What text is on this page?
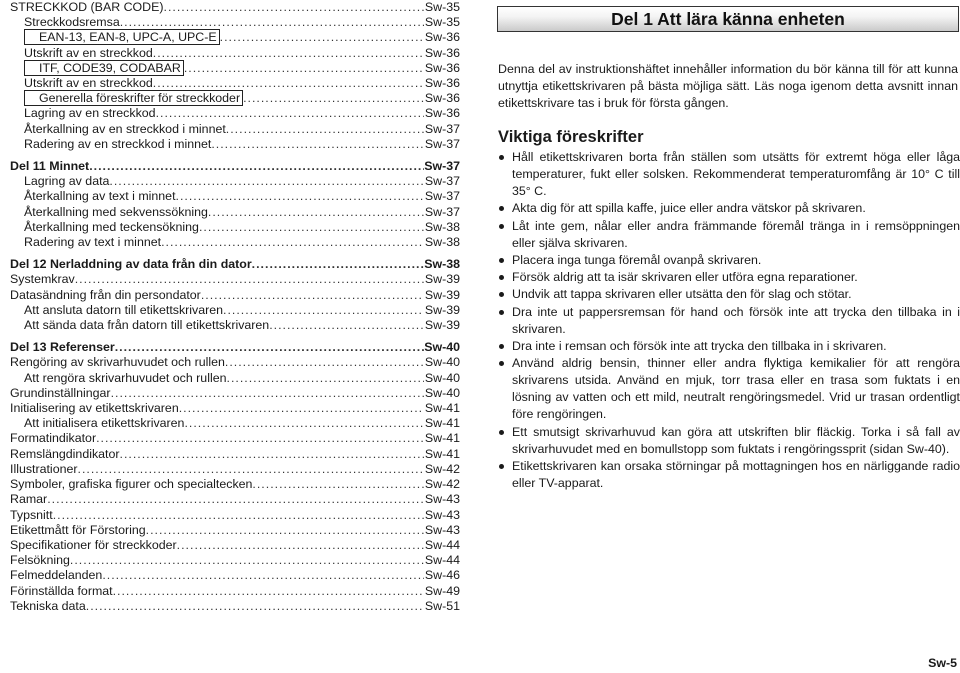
STRECKKOD (BAR CODE) .....	Sw-35
Streckkodsremsa .....	Sw-35
EAN-13, EAN-8, UPC-A, UPC-E .....	Sw-36
Utskrift av en streckkod .....	Sw-36
ITF, CODE39, CODABAR .....	Sw-36
Utskrift av en streckkod .....	Sw-36
Generella föreskrifter för streckkoder .....	Sw-36
Lagring av en streckkod .....	Sw-36
Återkallning av en streckkod i minnet .....	Sw-37
Radering av en streckkod i minnet .....	Sw-37
Del 11 Minnet .....	Sw-37
Lagring av data .....	Sw-37
Återkallning av text i minnet .....	Sw-37
Återkallning med sekvenssökning .....	Sw-37
Återkallning med teckensökning .....	Sw-38
Radering av text i minnet .....	Sw-38
Del 12 Nerladdning av data från din dator .....	Sw-38
Systemkrav .....	Sw-39
Datasändning från din persondator .....	Sw-39
Att ansluta datorn till etikettskrivaren .....	Sw-39
Att sända data från datorn till etikettskrivaren .....	Sw-39
Del 13 Referenser .....	Sw-40
Rengöring av skrivarhuvudet och rullen .....	Sw-40
Att rengöra skrivarhuvudet och rullen .....	Sw-40
Grundinställningar .....	Sw-40
Initialisering av etikettskrivaren .....	Sw-41
Att initialisera etikettskrivaren .....	Sw-41
Formatindikator .....	Sw-41
Remslängdindikator .....	Sw-41
Illustrationer .....	Sw-42
Symboler, grafiska figurer och specialtecken .....	Sw-42
Ramar .....	Sw-43
Typsnitt .....	Sw-43
Etikettmått för Förstoring .....	Sw-43
Specifikationer för streckkoder .....	Sw-44
Felsökning .....	Sw-44
Felmeddelanden .....	Sw-46
Förinställda format .....	Sw-49
Tekniska data .....	Sw-51
Del 1 Att lära känna enheten

Denna del av instruktionshäftet innehåller information du bör känna till för att kunna utnyttja etikettskrivaren på bästa möjliga sätt. Läs noga igenom detta avsnitt innan etikettskrivare tas i bruk för första gången.

Viktiga föreskrifter
Håll etikettskrivaren borta från ställen som utsätts för extremt höga eller låga temperaturer, fukt eller solsken. Rekommenderat temperaturomfång är 10° C till 35° C.
Akta dig för att spilla kaffe, juice eller andra vätskor på skrivaren.
Låt inte gem, nålar eller andra främmande föremål tränga in i remsöppningen eller själva skrivaren.
Placera inga tunga föremål ovanpå skrivaren.
Försök aldrig att ta isär skrivaren eller utföra egna reparationer.
Undvik att tappa skrivaren eller utsätta den för slag och stötar.
Dra inte ut pappersremsan för hand och försök inte att trycka den tillbaka in i skrivaren.
Dra inte i remsan och försök inte att trycka den tillbaka in i skrivaren.
Använd aldrig bensin, thinner eller andra flyktiga kemikalier för att rengöra skrivarens utsida. Använd en mjuk, torr trasa eller en trasa som fuktats i en lösning av vatten och ett mild, neutralt rengöringsmedel. Vrid ur trasan ordentligt före rengöringen.
Ett smutsigt skrivarhuvud kan göra att utskriften blir fläckig. Torka i så fall av skrivarhuvudet med en bomullstopp som fuktats i rengöringssprit (sidan Sw-40).
Etikettskrivaren kan orsaka störningar på mottagningen hos en närliggande radio eller TV-apparat.
Sw-5
